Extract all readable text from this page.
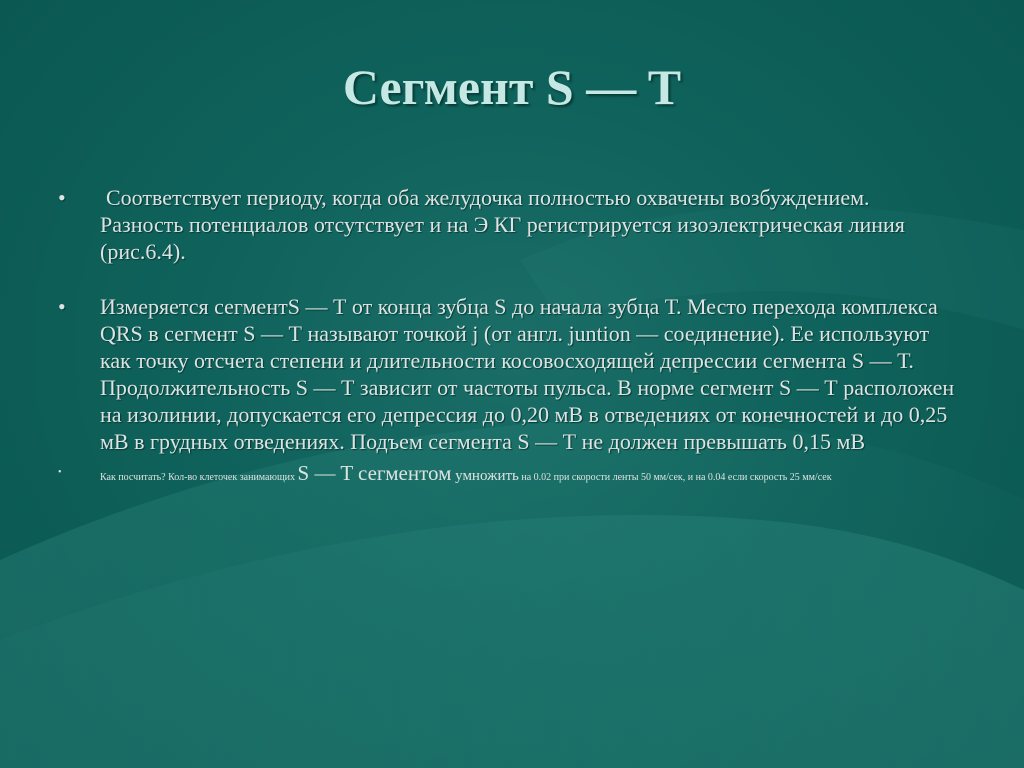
Сегмент S — T
•	Соответствует периоду, когда оба желудочка полностью охвачены возбуждением. Разность потенциалов отсутствует и на Э КГ регистрируется изоэлектрическая линия (рис.6.4).
•	Измеряется сегментS — Т от конца зубца S до начала зубца Т. Место перехода комплекса QRS в сегмент S — Т называют точкой j (от англ. juntion — соединение). Ее используют как точку отсчета степени и длительности косовосходящей депрессии сегмента S — Т. Продолжительность S — Т зависит от частоты пульса. В норме сегмент S — Т расположен на изолинии, допускается его депрессия до 0,20 мВ в отведениях от конечностей и до 0,25 мВ в грудных отведениях. Подъем сегмента S — Т не должен превышать 0,15 мВ
•	Как посчитать? Кол-во клеточек занимающих S — T сегментом умножить на 0.02 при скорости ленты 50 мм/сек, и на 0.04 если скорость 25 мм/сек
